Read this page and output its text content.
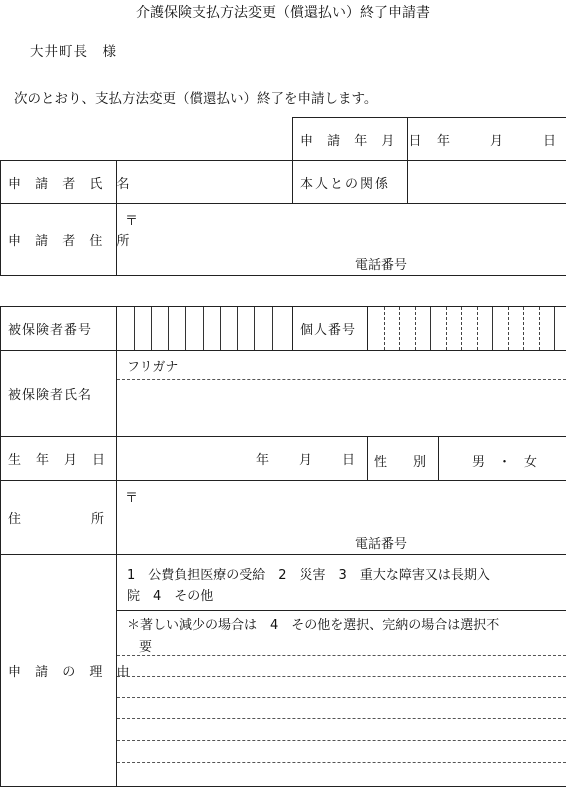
介護保険支払方法変更（償還払い）終了申請書
大井町長　様
次のとおり、支払方法変更（償還払い）終了を申請します。
		申 請 年 月 日	年 月 日

申 請 者 氏 名		本人との関係	
申 請 者 住 所	〒
電話番号		
被保険者番号		個人番号	

被保険者氏名	フリガナ		

生　年　月　日	年 月 日		性　　別 男　・　女

住 所	〒
電話番号		

申 請 の 理 由	1　公費負担医療の受給　2　災害　3　重大な障害又は長期入
院　4　その他
＊著しい減少の場合は　4　その他を選択、完納の場合は選択不
要		
